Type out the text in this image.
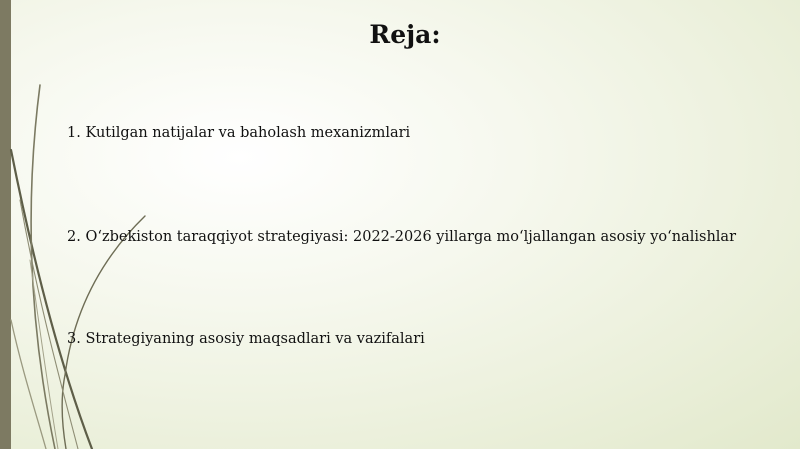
Reja:
1. Kutilgan natijalar va baholash mexanizmlari
2. O‘zbekiston taraqqiyot strategiyasi: 2022-2026 yillarga mo‘ljallangan asosiy yo‘nalishlar
3. Strategiyaning asosiy maqsadlari va vazifalari
